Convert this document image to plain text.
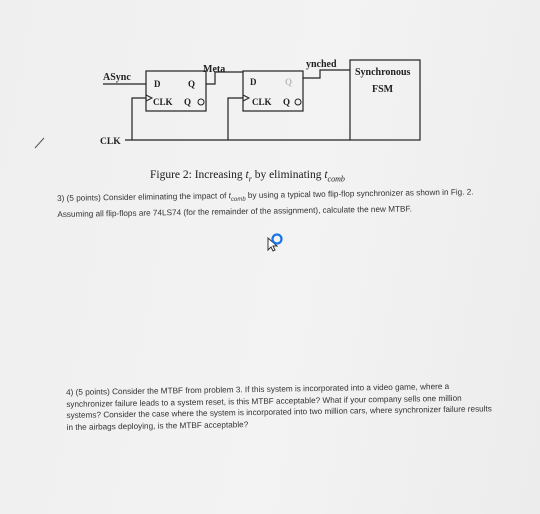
ASync
CLK
Meta	ynched
Synchronous
FSM
D	Q
CLK Q
D	Q
CLK Q
Figure 2: Increasing $t_r$ by eliminating $t_{comb}$
3) (5 points) Consider eliminating the impact of $t_{comb}$ by using a typical two flip-flop synchronizer as shown in Fig. 2. Assuming all flip-flops are 74LS74 (for the remainder of the assignment), calculate the new MTBF.
4) (5 points) Consider the MTBF from problem 3. If this system is incorporated into a video game, where a synchronizer failure leads to a system reset, is this MTBF acceptable? What if your company sells one million systems? Consider the case where the system is incorporated into two million cars, where synchronizer failure results in the airbags deploying, is the MTBF acceptable?
